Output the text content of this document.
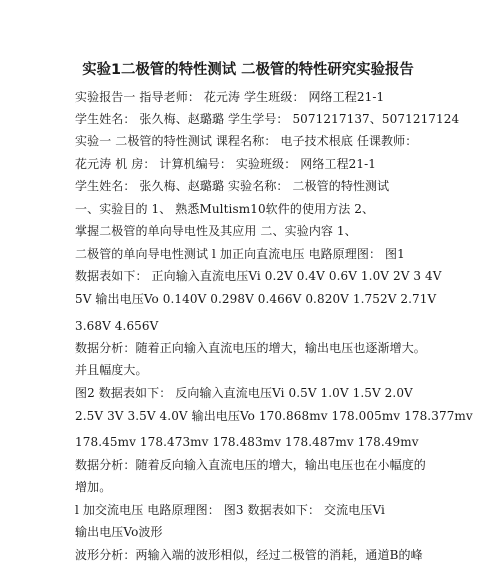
实验1二极管的特性测试 二极管的特性研究实验报告
实验报告一 指导老师： 花元涛 学生班级： 网络工程21-1
学生姓名： 张久梅、赵璐璐 学生学号： 5071217137、5071217124
实验一 二极管的特性测试 课程名称： 电子技术根底 任课教师：
花元涛 机 房： 计算机编号： 实验班级： 网络工程21-1
学生姓名： 张久梅、赵璐璐 实验名称： 二极管的特性测试
一、实验目的 1、 熟悉Multism10软件的使用方法 2、
掌握二极管的单向导电性及其应用 二、实验内容 1、
二极管的单向导电性测试 l 加正向直流电压 电路原理图： 图1
数据表如下： 正向输入直流电压Vi 0.2V 0.4V 0.6V 1.0V 2V 3 4V
5V 输出电压Vo 0.140V 0.298V 0.466V 0.820V 1.752V 2.71V
3.68V 4.656V
数据分析：随着正向输入直流电压的增大，输出电压也逐渐增大。
并且幅度大。
图2 数据表如下： 反向输入直流电压Vi 0.5V 1.0V 1.5V 2.0V
2.5V 3V 3.5V 4.0V 输出电压Vo 170.868mv 178.005mv 178.377mv
178.45mv 178.473mv 178.483mv 178.487mv 178.49mv
数据分析：随着反向输入直流电压的增大，输出电压也在小幅度的
增加。
l 加交流电压 电路原理图： 图3 数据表如下： 交流电压Vi
输出电压Vo波形
波形分析：两输入端的波形相似，经过二极管的消耗，通道B的峰
